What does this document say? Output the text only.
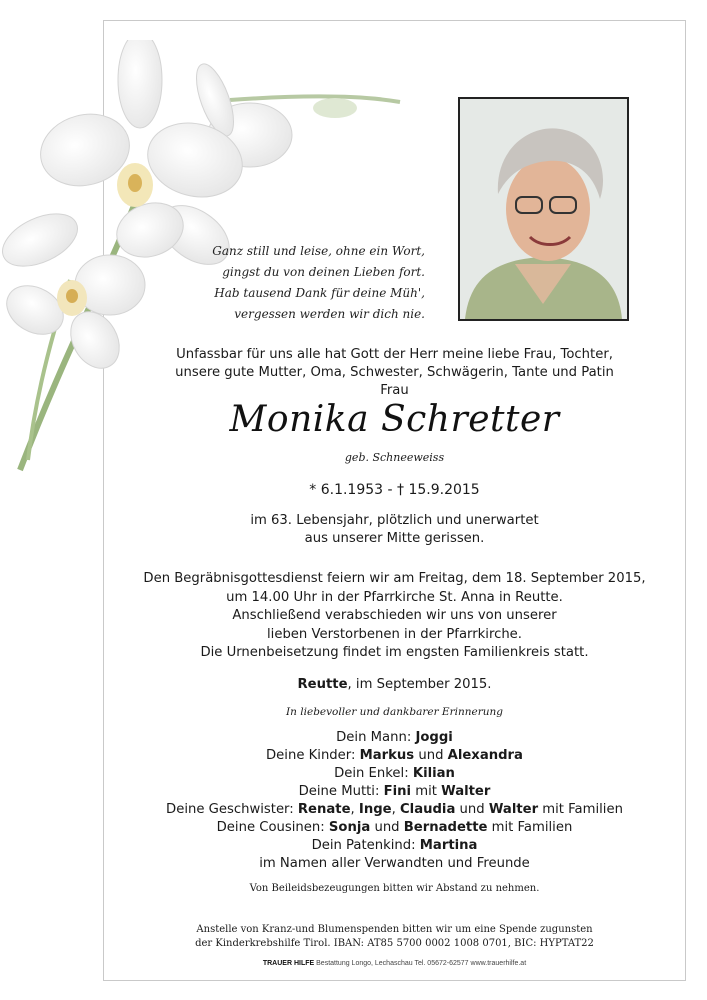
Ganz still und leise, ohne ein Wort,
gingst du von deinen Lieben fort.
Hab tausend Dank für deine Müh',
vergessen werden wir dich nie.
Unfassbar für uns alle hat Gott der Herr meine liebe Frau, Tochter,
unsere gute Mutter, Oma, Schwester, Schwägerin, Tante und Patin
Frau
Monika Schretter
geb. Schneeweiss
* 6.1.1953 - † 15.9.2015
im 63. Lebensjahr, plötzlich und unerwartet
aus unserer Mitte gerissen.
Den Begräbnisgottesdienst feiern wir am Freitag, dem 18. September 2015,
um 14.00 Uhr in der Pfarrkirche St. Anna in Reutte.
Anschließend verabschieden wir uns von unserer
lieben Verstorbenen in der Pfarrkirche.
Die Urnenbeisetzung findet im engsten Familienkreis statt.
Reutte, im September 2015.
In liebevoller und dankbarer Erinnerung
Dein Mann: Joggi
Deine Kinder: Markus und Alexandra
Dein Enkel: Kilian
Deine Mutti: Fini mit Walter
Deine Geschwister: Renate, Inge, Claudia und Walter mit Familien
Deine Cousinen: Sonja und Bernadette mit Familien
Dein Patenkind: Martina
im Namen aller Verwandten und Freunde
Von Beileidsbezeugungen bitten wir Abstand zu nehmen.
Anstelle von Kranz-und Blumenspenden bitten wir um eine Spende zugunsten
der Kinderkrebshilfe Tirol. IBAN: AT85 5700 0002 1008 0701, BIC: HYPTAT22
TRAUER HILFE Bestattung Longo, Lechaschau Tel. 05672-62577 www.trauerhilfe.at
